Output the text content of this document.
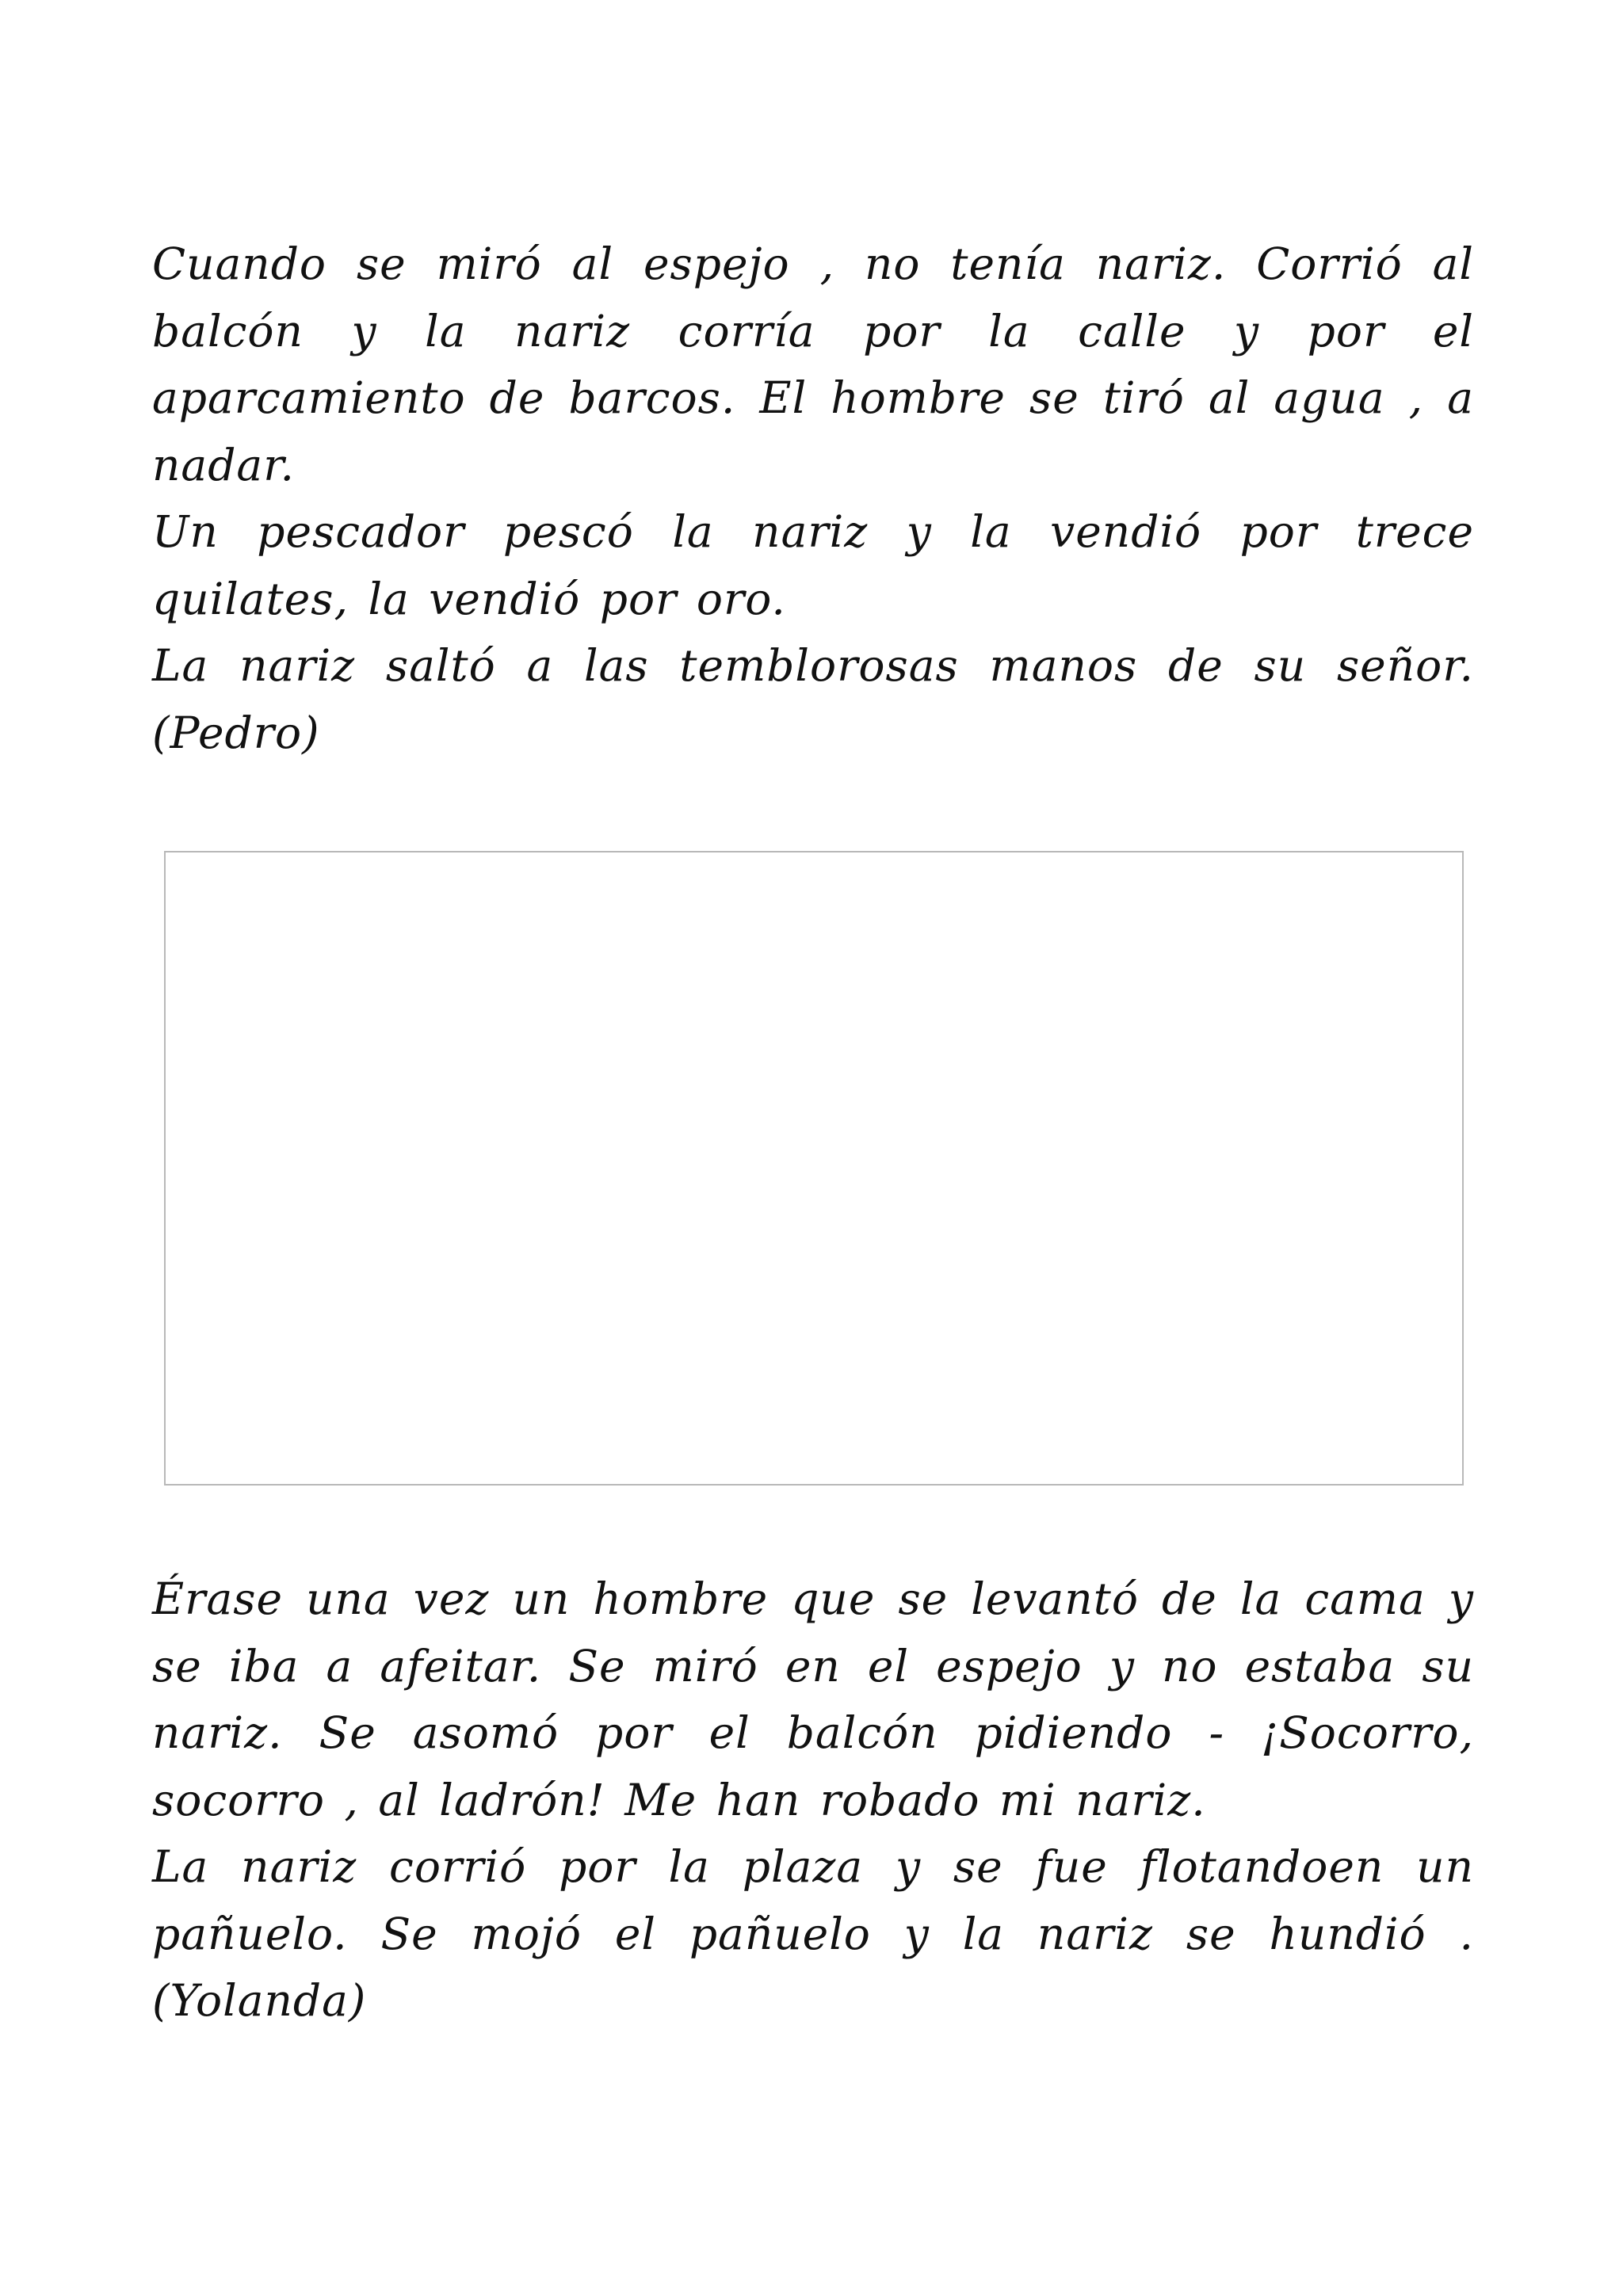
Cuando se miró al espejo , no tenía nariz. Corrió al balcón y la nariz corría por la calle y por el aparcamiento de barcos. El hombre se tiró al agua , a nadar.

Un pescador pescó la nariz y la vendió por trece quilates, la vendió por oro.

La nariz saltó a las temblorosas manos de su señor. (Pedro)

Érase una vez un hombre que se levantó de la cama y se iba a afeitar. Se miró en el espejo y no estaba su nariz. Se asomó por el balcón pidiendo - ¡Socorro, socorro , al ladrón! Me han robado mi nariz.

La nariz corrió por la plaza y se fue flotandoen un pañuelo. Se mojó el pañuelo y la nariz se hundió . (Yolanda)
